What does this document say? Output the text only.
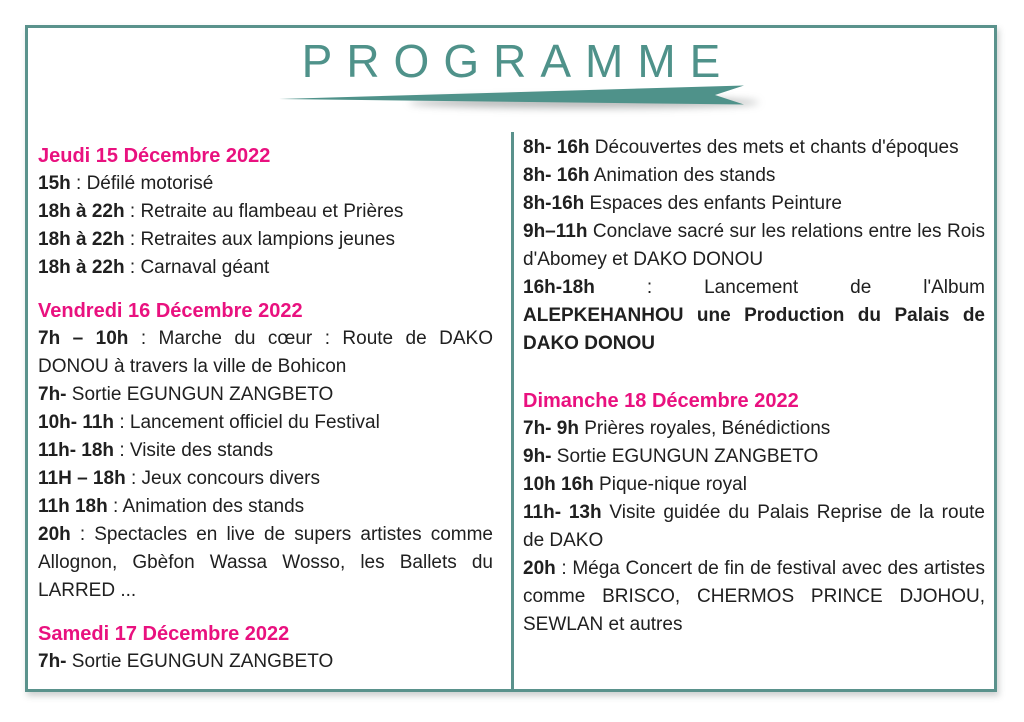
PROGRAMME
Jeudi 15 Décembre 2022

15h : Défilé motorisé

18h à 22h : Retraite au flambeau et Prières

18h à 22h : Retraites aux lampions jeunes

18h à 22h : Carnaval géant

Vendredi 16 Décembre 2022

7h – 10h : Marche du cœur : Route de DAKO DONOU à travers la ville de Bohicon

7h- Sortie EGUNGUN ZANGBETO

10h- 11h : Lancement officiel du Festival

11h- 18h : Visite des stands

11H – 18h : Jeux concours divers

11h 18h : Animation des stands

20h : Spectacles en live de supers artistes comme Allognon, Gbèfon Wassa Wosso, les Ballets du LARRED ...

Samedi 17 Décembre 2022

7h- Sortie EGUNGUN ZANGBETO

8h- 16h Découvertes des mets et chants d'époques

8h- 16h Animation des stands

8h-16h Espaces des enfants Peinture

9h–11h Conclave sacré sur les relations entre les Rois d'Abomey et DAKO DONOU

16h-18h : Lancement de l'Album
ALEPKEHANHOU une Production du Palais de DAKO DONOU

Dimanche 18 Décembre 2022

7h- 9h Prières royales, Bénédictions

9h- Sortie EGUNGUN ZANGBETO

10h 16h Pique-nique royal

11h- 13h Visite guidée du Palais Reprise de la route de DAKO

20h : Méga Concert de fin de festival avec des artistes comme BRISCO, CHERMOS PRINCE DJOHOU, SEWLAN et autres
